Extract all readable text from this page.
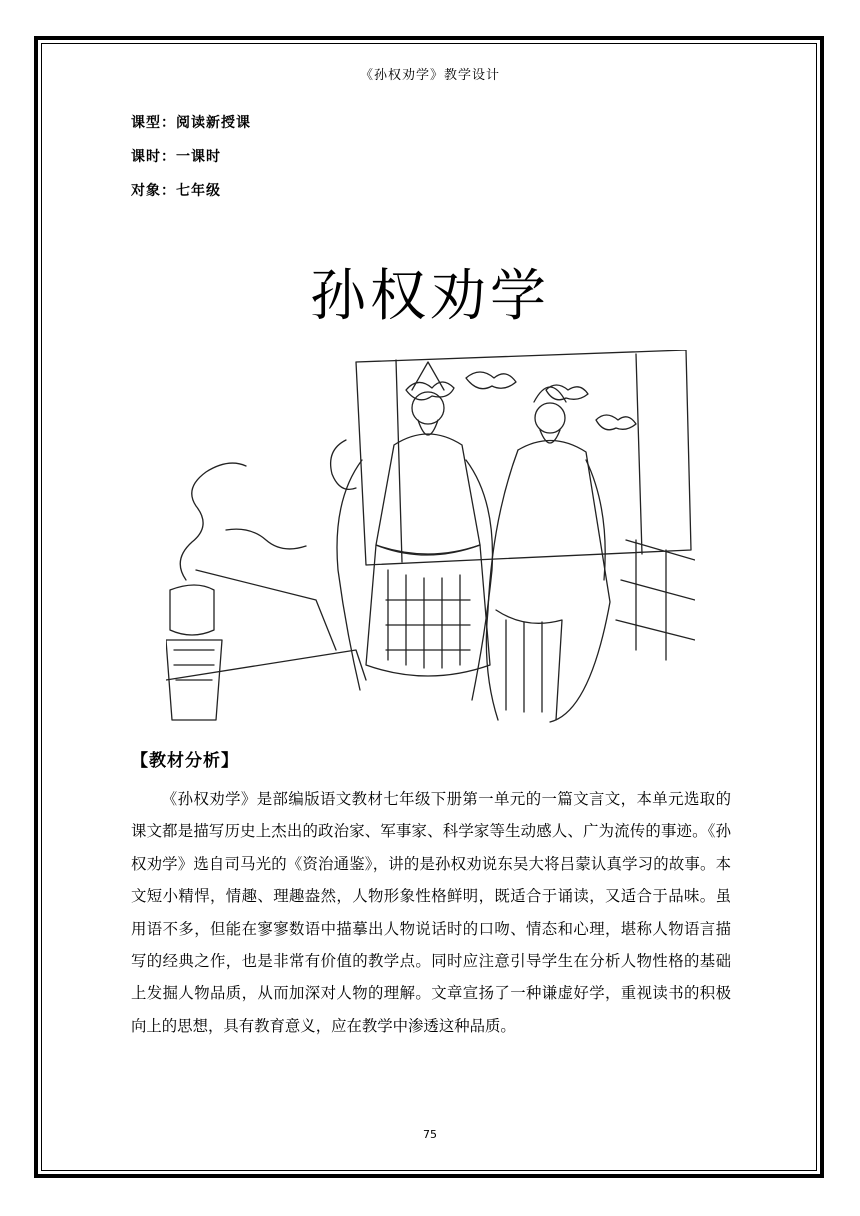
《孙权劝学》教学设计
课型：阅读新授课
课时：一课时
对象：七年级
孙权劝学
【教材分析】

《孙权劝学》是部编版语文教材七年级下册第一单元的一篇文言文，本单元选取的课文都是描写历史上杰出的政治家、军事家、科学家等生动感人、广为流传的事迹。《孙权劝学》选自司马光的《资治通鉴》，讲的是孙权劝说东吴大将吕蒙认真学习的故事。本文短小精悍，情趣、理趣盎然，人物形象性格鲜明，既适合于诵读，又适合于品味。虽用语不多，但能在寥寥数语中描摹出人物说话时的口吻、情态和心理，堪称人物语言描写的经典之作，也是非常有价值的教学点。同时应注意引导学生在分析人物性格的基础上发掘人物品质，从而加深对人物的理解。文章宣扬了一种谦虚好学，重视读书的积极向上的思想，具有教育意义，应在教学中渗透这种品质。

75
